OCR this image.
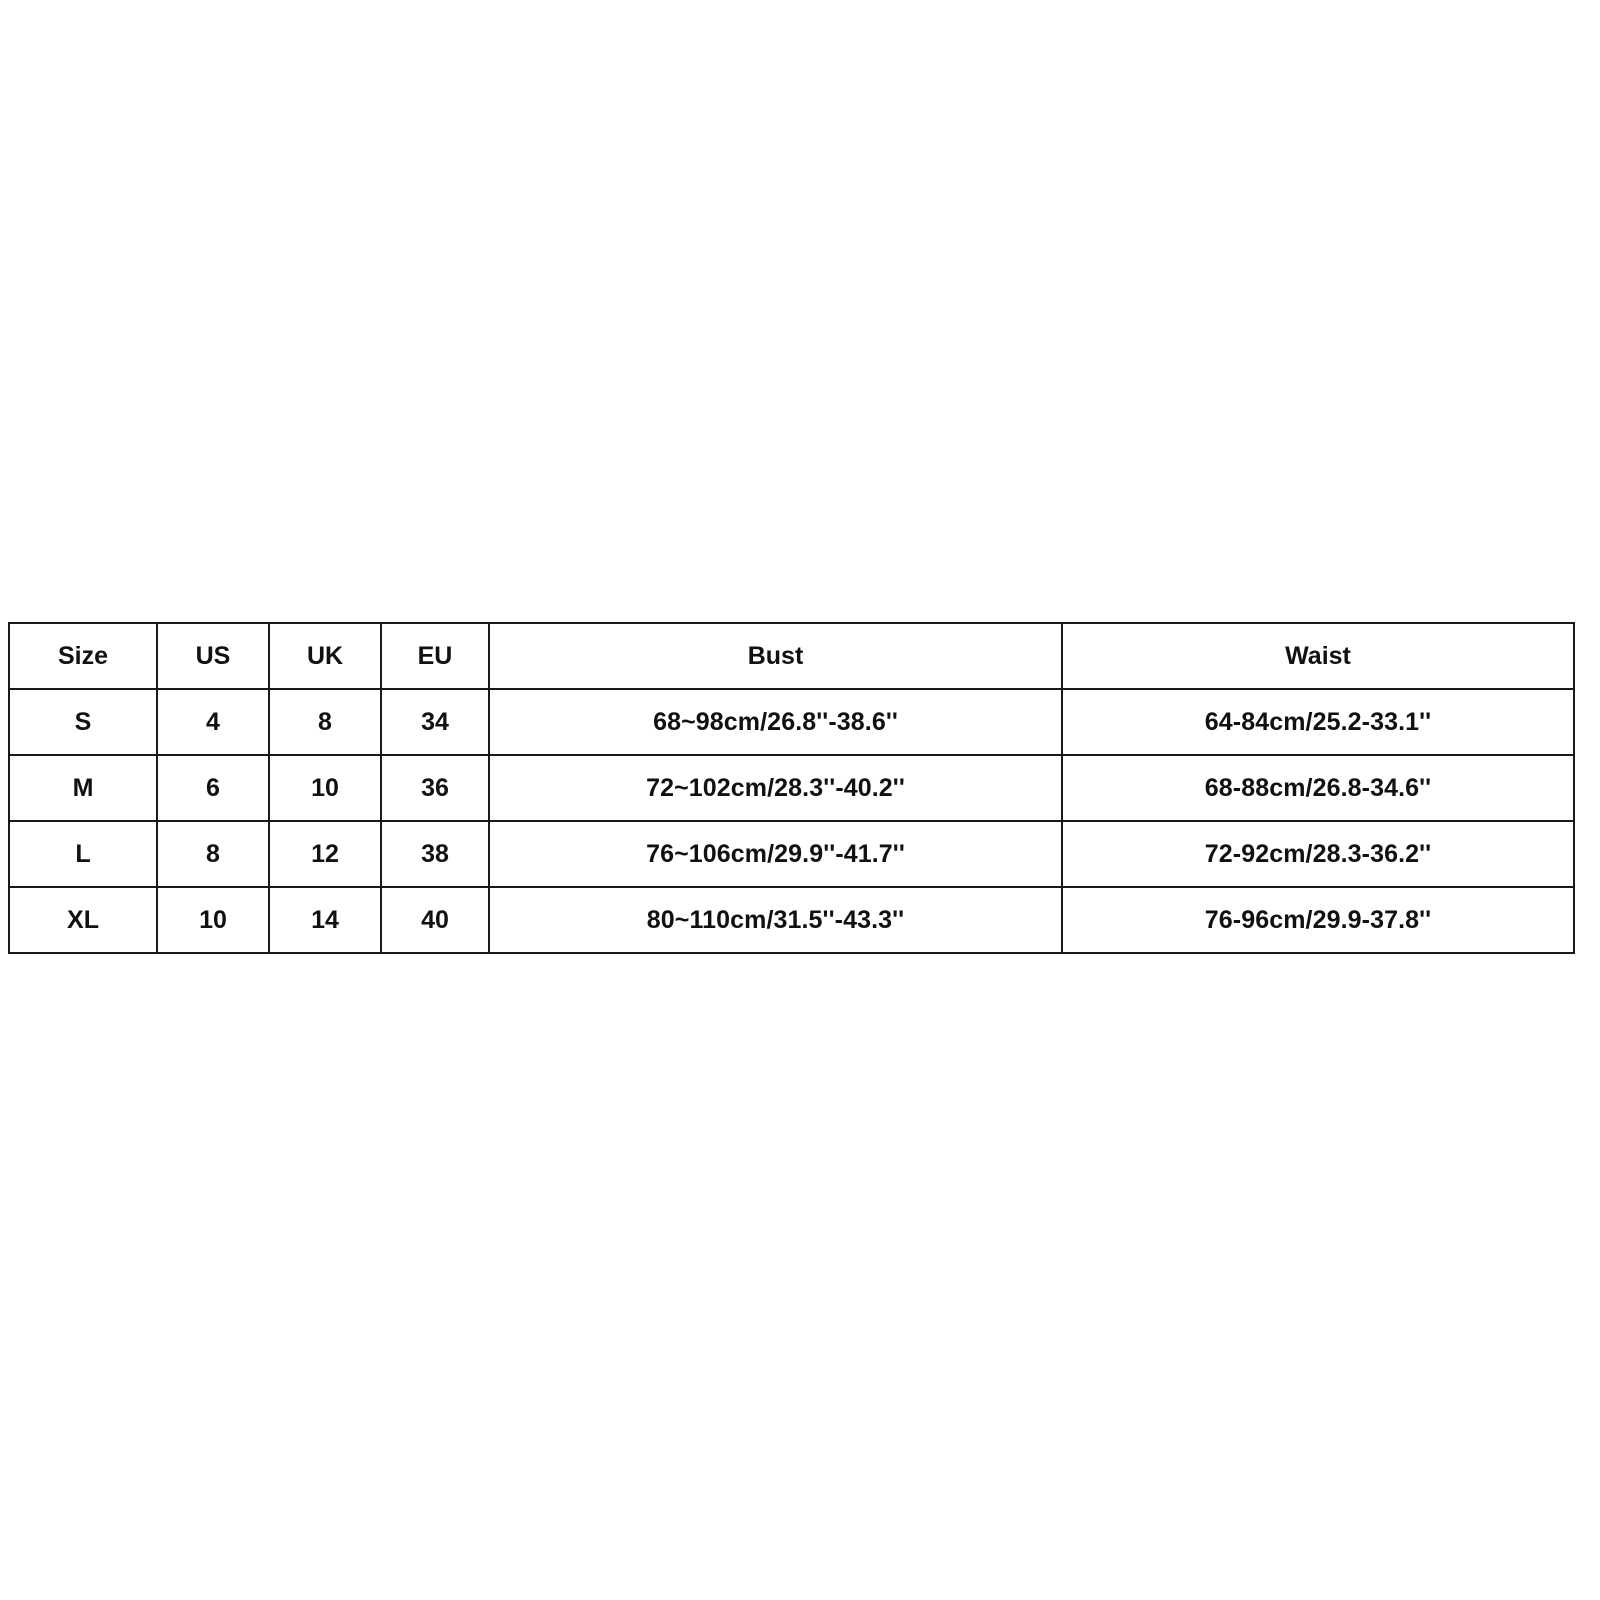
Size	US	UK	EU	Bust	Waist
S	4	8	34	68~98cm/26.8''-38.6''	64-84cm/25.2-33.1''
M	6	10	36	72~102cm/28.3''-40.2''	68-88cm/26.8-34.6''
L	8	12	38	76~106cm/29.9''-41.7''	72-92cm/28.3-36.2''
XL	10	14	40	80~110cm/31.5''-43.3''	76-96cm/29.9-37.8''
